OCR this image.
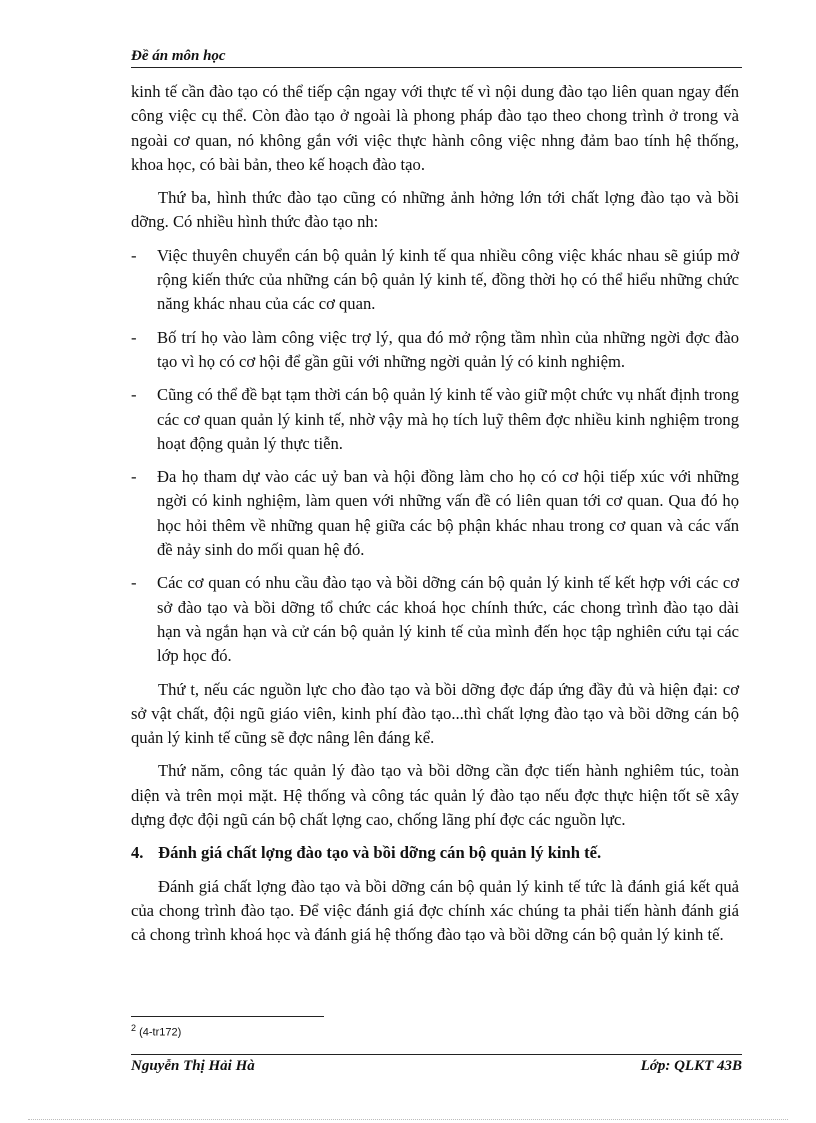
Đề án môn học

kinh tế cần đào tạo có thể tiếp cận ngay với thực tế vì nội dung đào tạo liên quan ngay đến công việc cụ thể. Còn đào tạo ở ngoài là phong pháp đào tạo theo chong trình ở trong và ngoài cơ quan, nó không gắn với việc thực hành công việc nhng đảm bao tính hệ thống, khoa học, có bài bản, theo kế hoạch đào tạo.

Thứ ba, hình thức đào tạo cũng có những ảnh hởng lớn tới chất lợng đào tạo và bồi dỡng. Có nhiều hình thức đào tạo nh:

- Việc thuyên chuyển cán bộ quản lý kinh tế qua nhiều công việc khác nhau sẽ giúp mở rộng kiến thức của những cán bộ quản lý kinh tế, đồng thời họ có thể hiểu những chức năng khác nhau của các cơ quan.

- Bố trí họ vào làm công việc trợ lý, qua đó mở rộng tầm nhìn của những ngời đợc đào tạo vì họ có cơ hội để gần gũi với những ngời quản lý có kinh nghiệm.

- Cũng có thể đề bạt tạm thời cán bộ quản lý kinh tế vào giữ một chức vụ nhất định trong các cơ quan quản lý kinh tế, nhờ vậy mà họ tích luỹ thêm đợc nhiều kinh nghiệm trong hoạt động quản lý thực tiễn.

- Đa họ tham dự vào các uỷ ban và hội đồng làm cho họ có cơ hội tiếp xúc với những ngời có kinh nghiệm, làm quen với những vấn đề có liên quan tới cơ quan. Qua đó họ học hỏi thêm về những quan hệ giữa các bộ phận khác nhau trong cơ quan và các vấn đề nảy sinh do mối quan hệ đó.

- Các cơ quan có nhu cầu đào tạo và bồi dỡng cán bộ quản lý kinh tế kết hợp với các cơ sở đào tạo và bồi dỡng tổ chức các khoá học chính thức, các chong trình đào tạo dài hạn và ngắn hạn và cử cán bộ quản lý kinh tế của mình đến học tập nghiên cứu tại các lớp học đó.

Thứ t, nếu các nguồn lực cho đào tạo và bồi dỡng đợc đáp ứng đầy đủ và hiện đại: cơ sở vật chất, đội ngũ giáo viên, kinh phí đào tạo...thì chất lợng đào tạo và bồi dỡng cán bộ quản lý kinh tế cũng sẽ đợc nâng lên đáng kể.

Thứ năm, công tác quản lý đào tạo và bồi dỡng cần đợc tiến hành nghiêm túc, toàn diện và trên mọi mặt. Hệ thống và công tác quản lý đào tạo nếu đợc thực hiện tốt sẽ xây dựng đợc đội ngũ cán bộ chất lợng cao, chống lãng phí đợc các nguồn lực.

4. Đánh giá chất lợng đào tạo và bồi dỡng cán bộ quản lý kinh tế.

Đánh giá chất lợng đào tạo và bồi dỡng cán bộ quản lý kinh tế tức là đánh giá kết quả của chong trình đào tạo. Để việc đánh giá đợc chính xác chúng ta phải tiến hành đánh giá cả chong trình khoá học và đánh giá hệ thống đào tạo và bồi dỡng cán bộ quản lý kinh tế.

$^2$ (4-tr172)
Nguyễn Thị Hải Hà	Lớp: QLKT 43B
